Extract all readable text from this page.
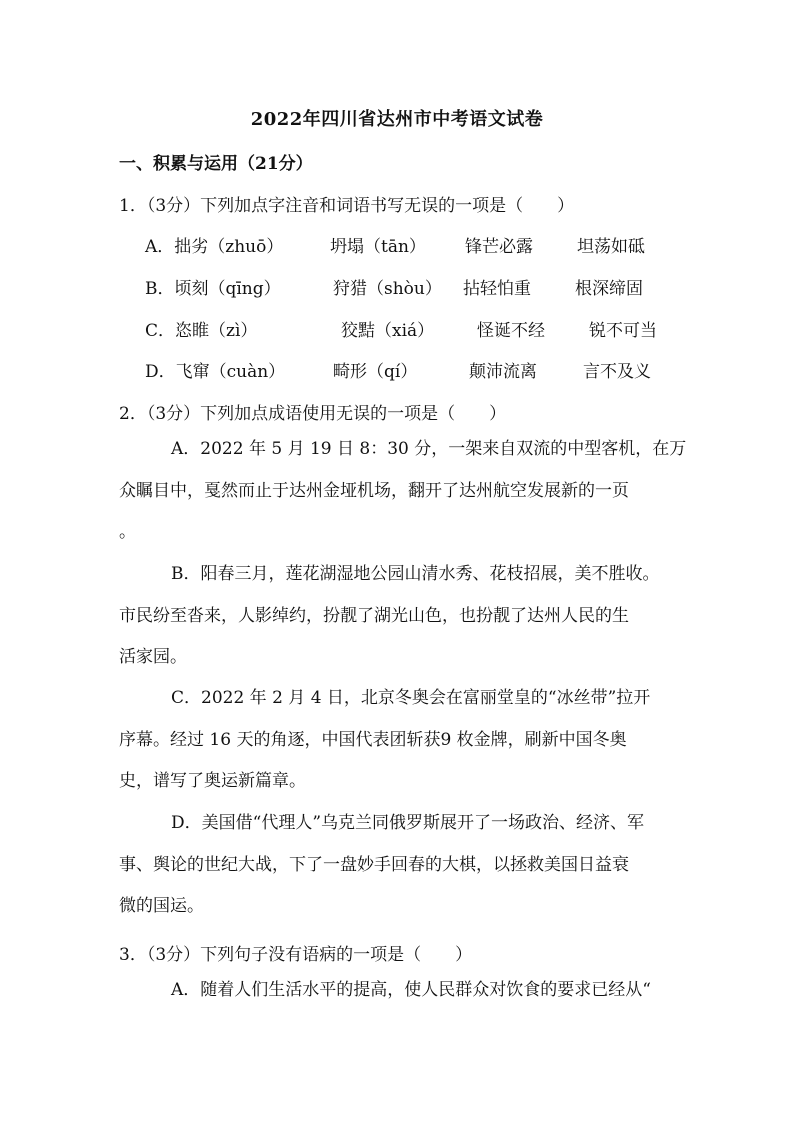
2022年四川省达州市中考语文试卷
一、积累与运用（21分）
1．（3分）下列加点字注音和词语书写无误的一项是（　　）
A．拙劣（zhuō）	坍塌（tān） 锋芒必露	坦荡如砥
B．顷刻（qīng）	狩猎（shòu） 拈轻怕重	根深缔固
C．恣睢（zì）	狡黠（xiá）	怪诞不经	锐不可当
D．飞窜（cuàn）	畸形（qí）	颠沛流离	言不及义
2．（3分）下列加点成语使用无误的一项是（　　）
A．2022 年 5 月 19 日 8：30 分，一架来自双流的中型客机，在万
众瞩目中，戛然而止于达州金垭机场，翻开了达州航空发展新的一页
。
B．阳春三月，莲花湖湿地公园山清水秀、花枝招展，美不胜收。
市民纷至沓来，人影绰约，扮靓了湖光山色，也扮靓了达州人民的生
活家园。
C．2022 年 2 月 4 日，北京冬奥会在富丽堂皇的“冰丝带”拉开
序幕。经过 16 天的角逐，中国代表团斩获9 枚金牌，刷新中国冬奥
史，谱写了奥运新篇章。
D．美国借“代理人”乌克兰同俄罗斯展开了一场政治、经济、军
事、舆论的世纪大战，下了一盘妙手回春的大棋，以拯救美国日益衰
微的国运。
3．（3分）下列句子没有语病的一项是（　　）
A．随着人们生活水平的提高，使人民群众对饮食的要求已经从“
